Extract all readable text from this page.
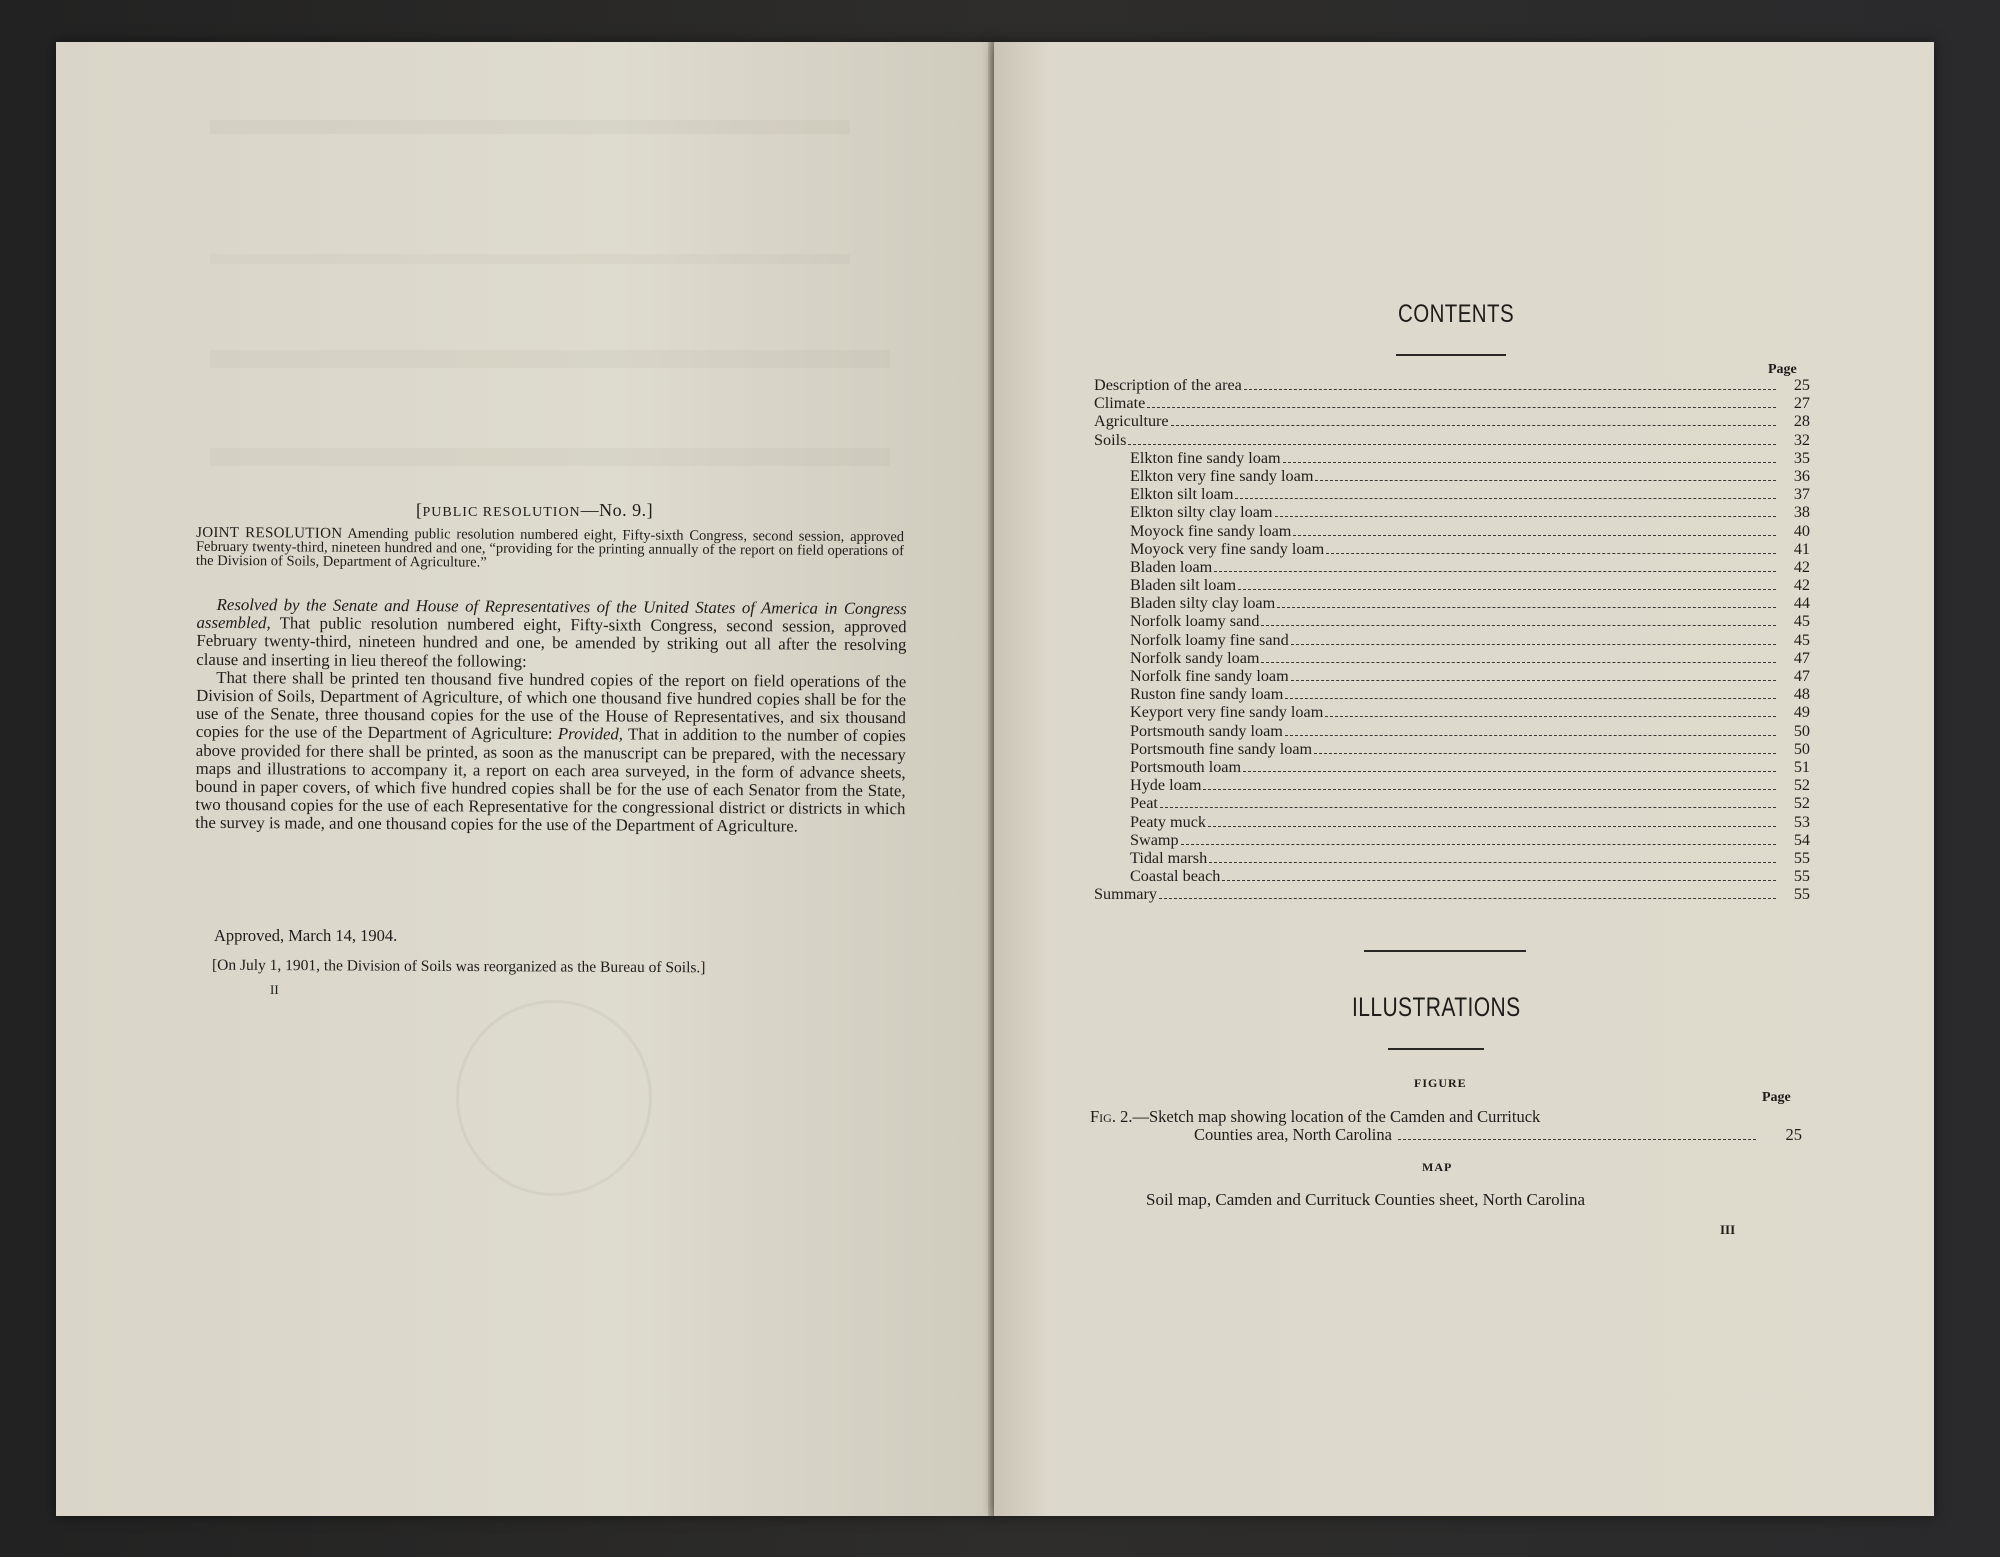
[PUBLIC RESOLUTION—No. 9.]
JOINT RESOLUTION Amending public resolution numbered eight, Fifty-sixth Congress, second session, approved February twenty-third, nineteen hundred and one, “providing for the printing annually of the report on field operations of the Division of Soils, Department of Agriculture.”

Resolved by the Senate and House of Representatives of the United States of America in Congress assembled, That public resolution numbered eight, Fifty-sixth Congress, second session, approved February twenty-third, nineteen hundred and one, be amended by striking out all after the resolving clause and inserting in lieu thereof the following:

That there shall be printed ten thousand five hundred copies of the report on field operations of the Division of Soils, Department of Agriculture, of which one thousand five hundred copies shall be for the use of the Senate, three thousand copies for the use of the House of Representatives, and six thousand copies for the use of the Department of Agriculture: Provided, That in addition to the number of copies above provided for there shall be printed, as soon as the manuscript can be prepared, with the necessary maps and illustrations to accompany it, a report on each area surveyed, in the form of advance sheets, bound in paper covers, of which five hundred copies shall be for the use of each Senator from the State, two thousand copies for the use of each Representative for the congressional district or districts in which the survey is made, and one thousand copies for the use of the Department of Agriculture.

Approved, March 14, 1904.
[On July 1, 1901, the Division of Soils was reorganized as the Bureau of Soils.]
II
CONTENTS
Page
Description of the area	25
Climate	27
Agriculture	28
Soils	32
Elkton fine sandy loam	35
Elkton very fine sandy loam	36
Elkton silt loam	37
Elkton silty clay loam	38
Moyock fine sandy loam	40
Moyock very fine sandy loam	41
Bladen loam	42
Bladen silt loam	42
Bladen silty clay loam	44
Norfolk loamy sand	45
Norfolk loamy fine sand	45
Norfolk sandy loam	47
Norfolk fine sandy loam	47
Ruston fine sandy loam	48
Keyport very fine sandy loam	49
Portsmouth sandy loam	50
Portsmouth fine sandy loam	50
Portsmouth loam	51
Hyde loam	52
Peat	52
Peaty muck	53
Swamp	54
Tidal marsh	55
Coastal beach	55
Summary	55
ILLUSTRATIONS
FIGURE
Page
Fig. 2.—Sketch map showing location of the Camden and Currituck
Counties area, North Carolina	25
MAP
Soil map, Camden and Currituck Counties sheet, North Carolina
III
